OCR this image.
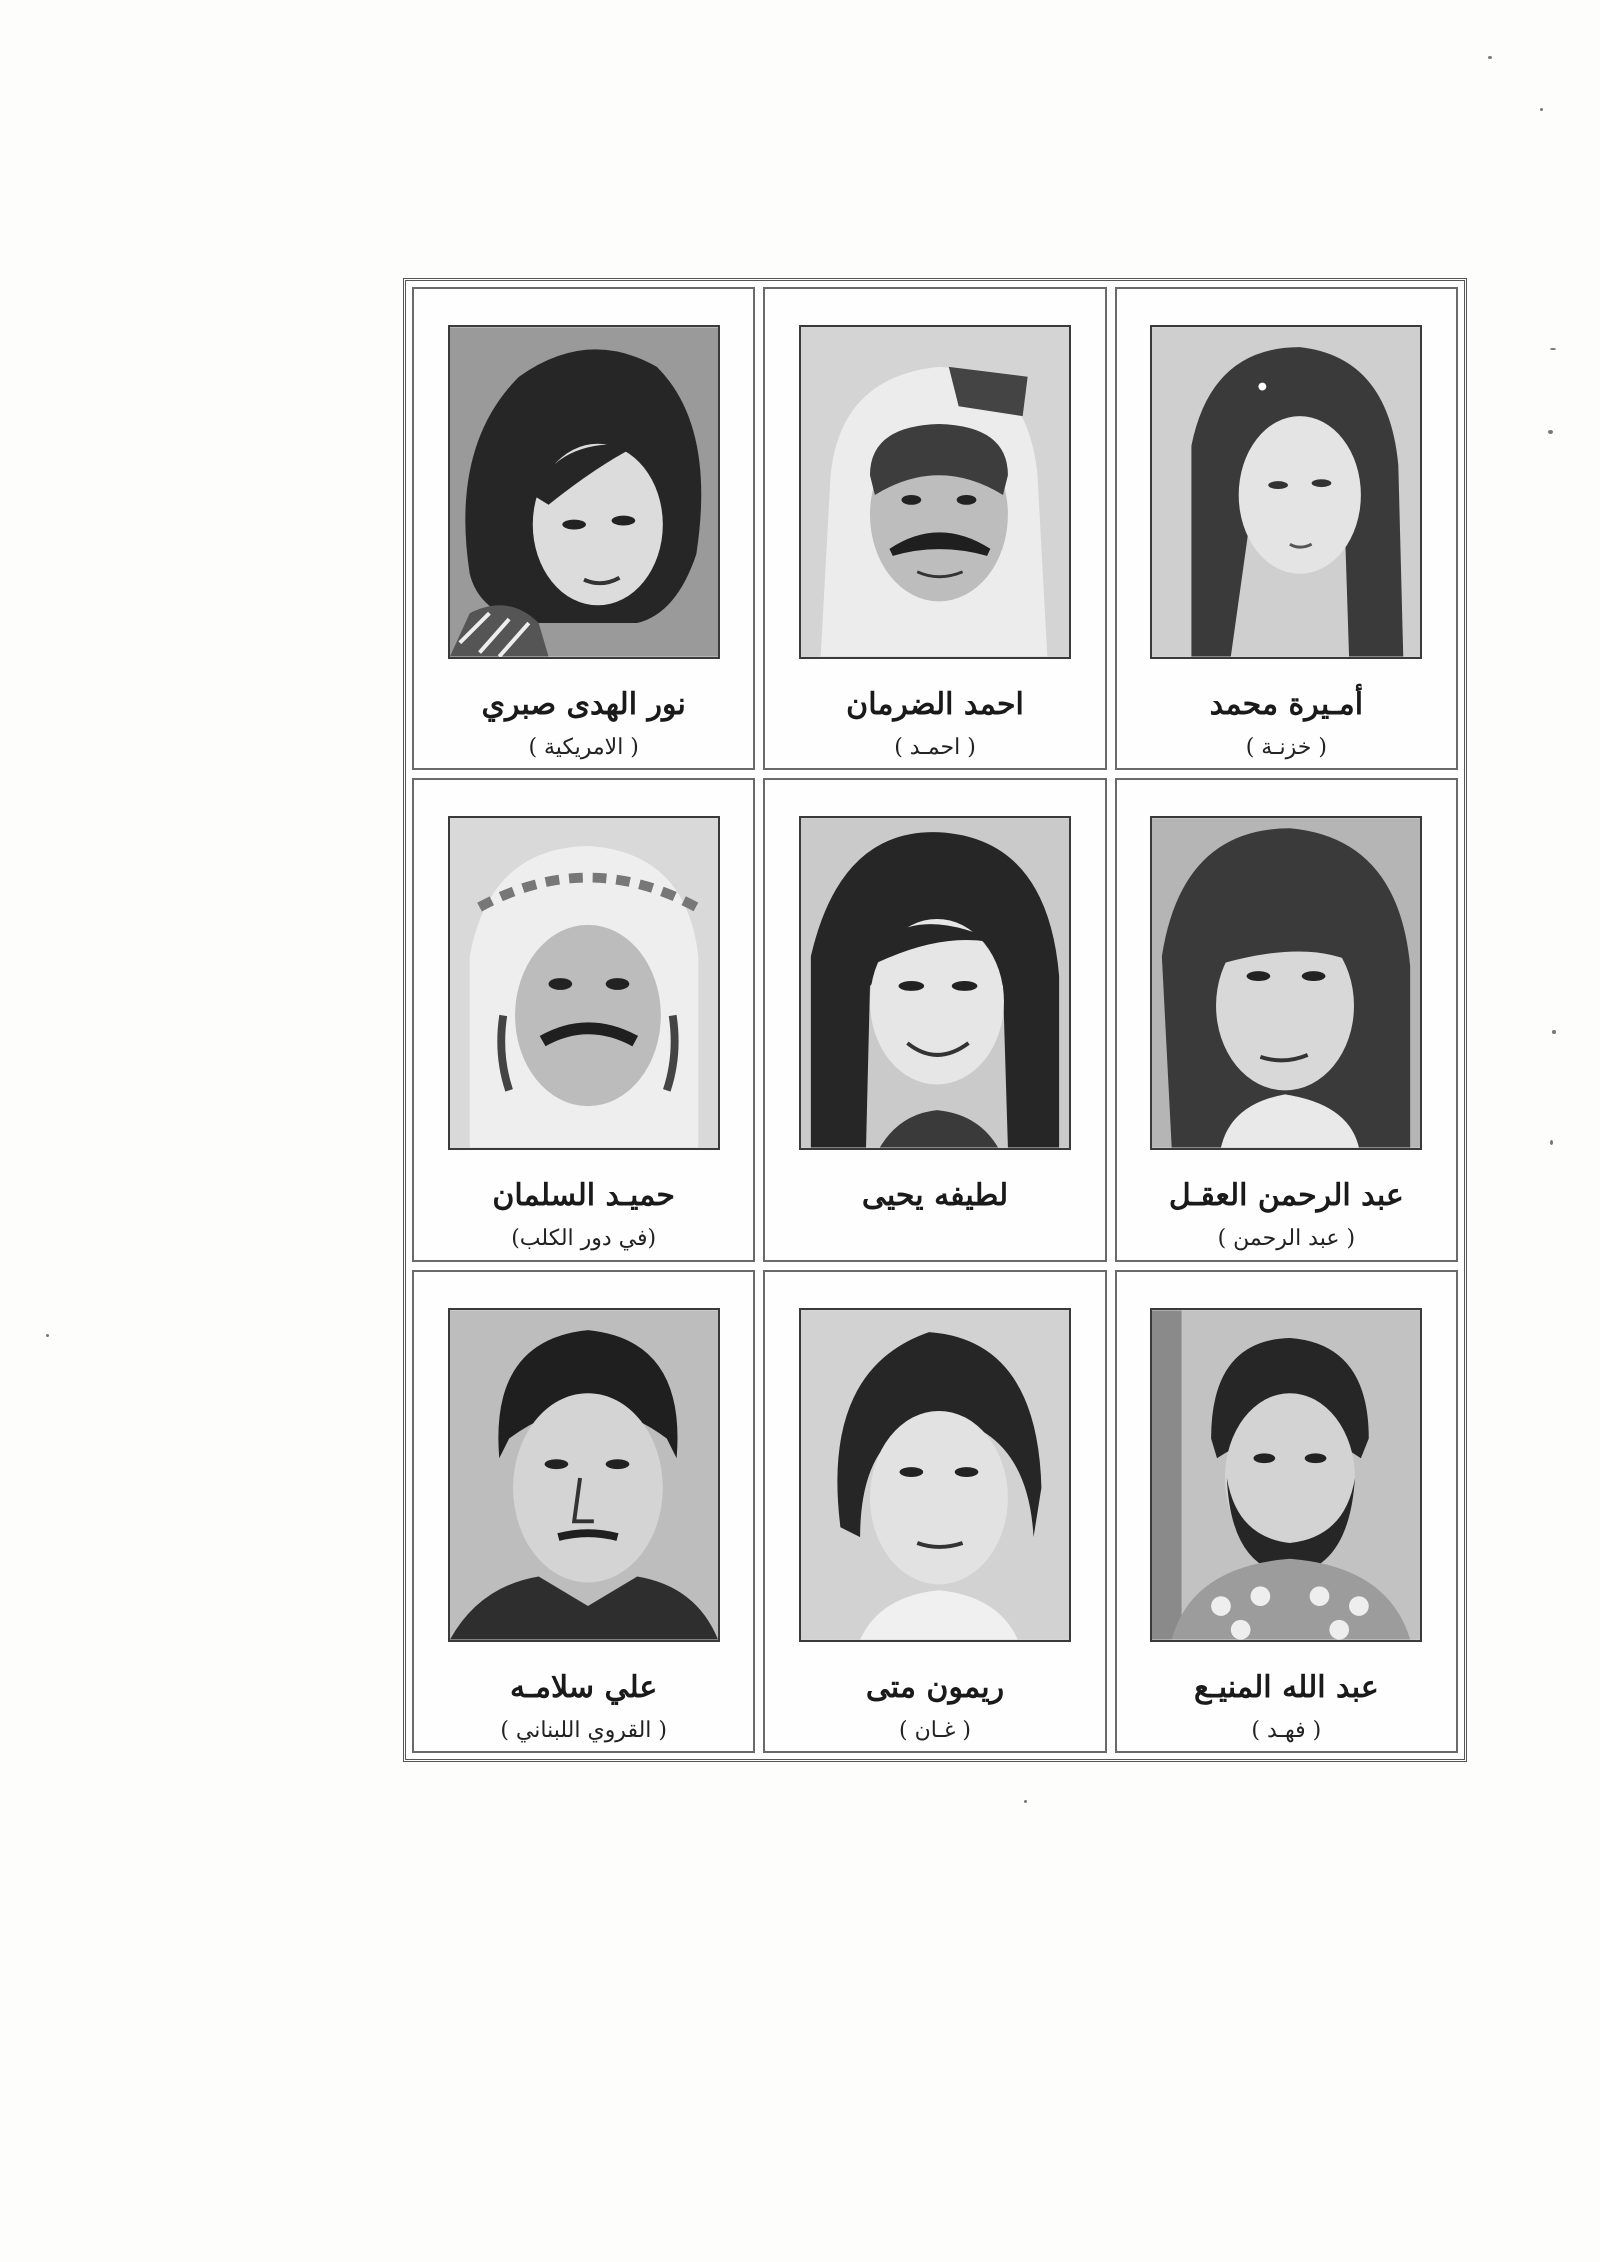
أمـيرة محمد
( خزنـة )
احمد الضرمان
( احمـد )
نور الهدى صبري
( الامريكية )
عبد الرحمن العقـل
( عبد الرحمن )
لطيفه يحيى
حميـد السلمان
(في دور الكلب)
عبد الله المنيـع
( فهـد )
ريمون متى
( غـان )
علي سلامـه
( القروي اللبناني )
